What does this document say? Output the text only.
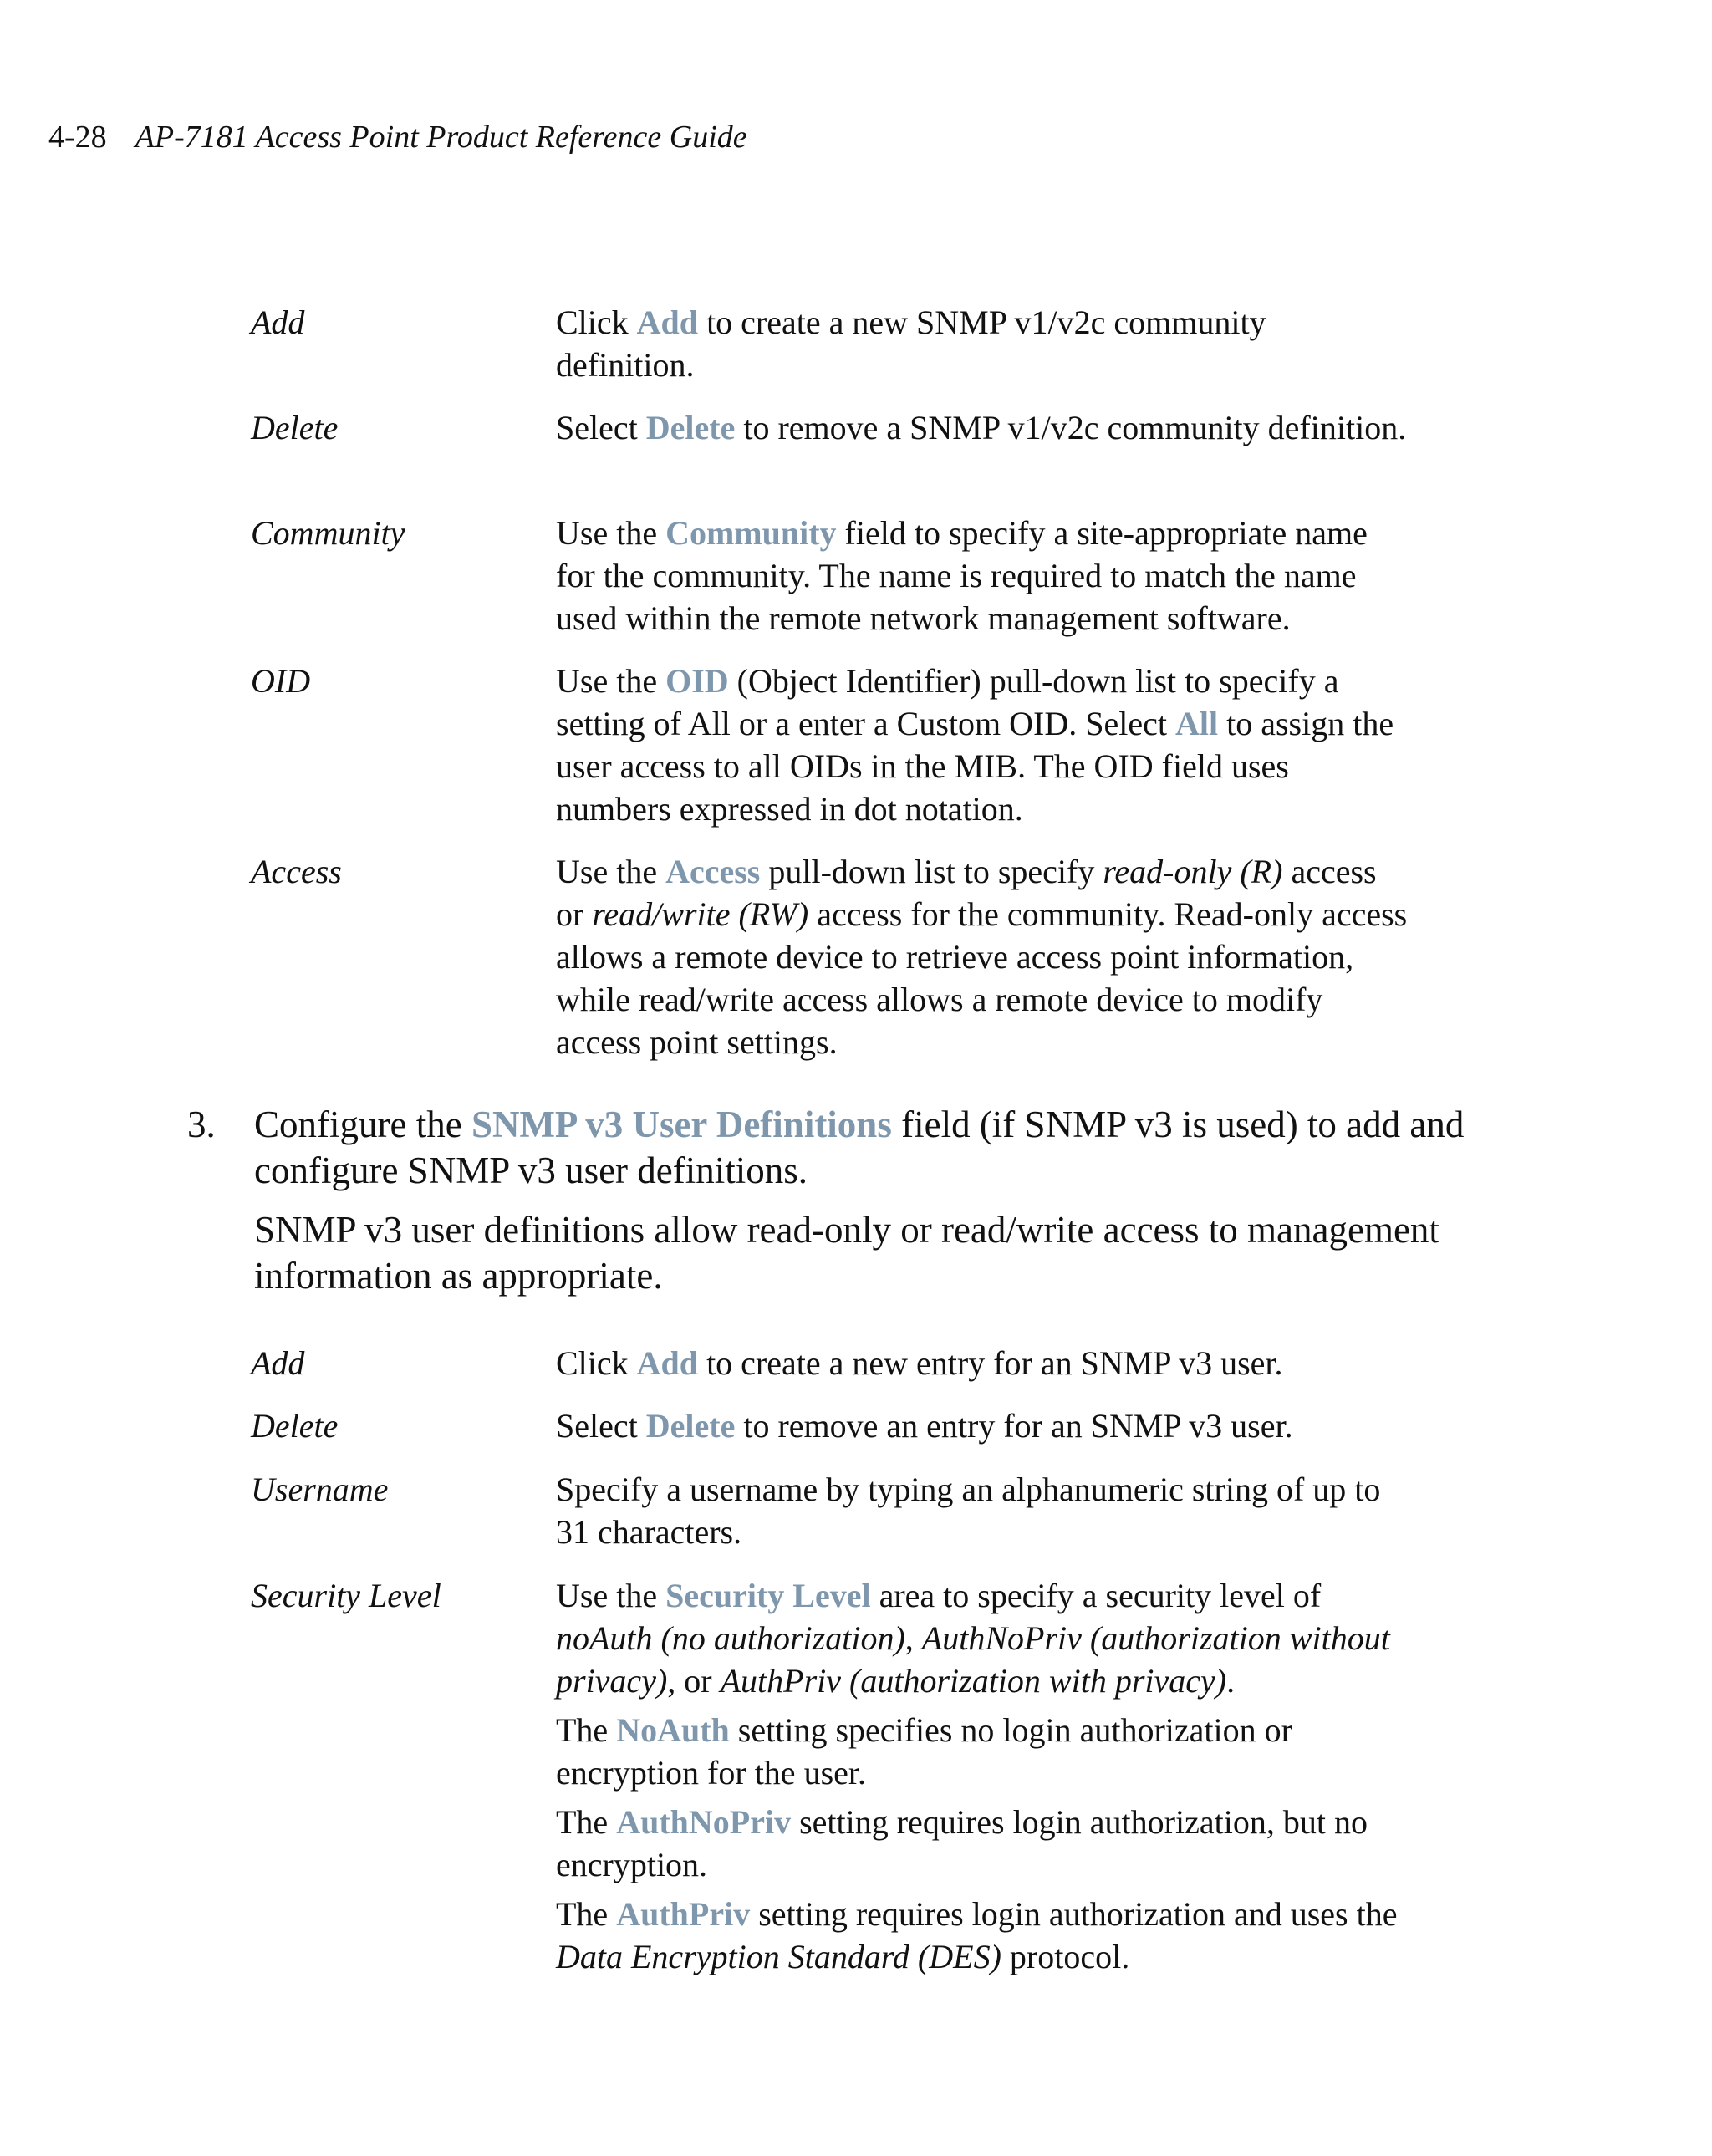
4-28 AP-7181 Access Point Product Reference Guide
Add	Click Add to create a new SNMP v1/v2c community definition.

Delete	Select Delete to remove a SNMP v1/v2c community definition.

Community	Use the Community field to specify a site-appropriate name for the community. The name is required to match the name used within the remote network management software.

OID	Use the OID (Object Identifier) pull-down list to specify a setting of All or a enter a Custom OID. Select All to assign the user access to all OIDs in the MIB. The OID field uses numbers expressed in dot notation.

Access	Use the Access pull-down list to specify read-only (R) access or read/write (RW) access for the community. Read-only access allows a remote device to retrieve access point information, while read/write access allows a remote device to modify access point settings.

3. Configure the SNMP v3 User Definitions field (if SNMP v3 is used) to add and configure SNMP v3 user definitions.

SNMP v3 user definitions allow read-only or read/write access to management information as appropriate.

Add	Click Add to create a new entry for an SNMP v3 user.

Delete	Select Delete to remove an entry for an SNMP v3 user.

Username	Specify a username by typing an alphanumeric string of up to 31 characters.

Security Level	Use the Security Level area to specify a security level of noAuth (no authorization), AuthNoPriv (authorization without privacy), or AuthPriv (authorization with privacy).

The NoAuth setting specifies no login authorization or encryption for the user.

The AuthNoPriv setting requires login authorization, but no encryption.

The AuthPriv setting requires login authorization and uses the Data Encryption Standard (DES) protocol.
